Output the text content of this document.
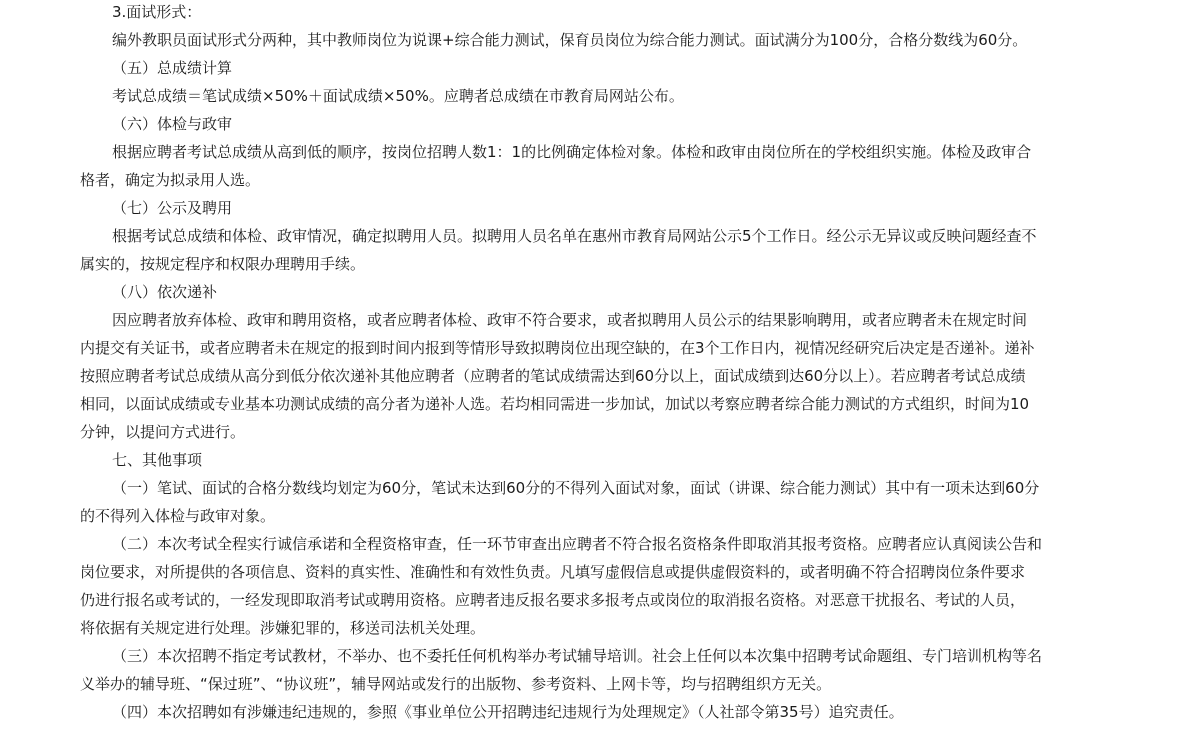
3.面试形式：
编外教职员面试形式分两种，其中教师岗位为说课+综合能力测试，保育员岗位为综合能力测试。面试满分为100分，合格分数线为60分。
（五）总成绩计算
考试总成绩＝笔试成绩×50%＋面试成绩×50%。应聘者总成绩在市教育局网站公布。
（六）体检与政审
根据应聘者考试总成绩从高到低的顺序，按岗位招聘人数1：1的比例确定体检对象。体检和政审由岗位所在的学校组织实施。体检及政审合
格者，确定为拟录用人选。
（七）公示及聘用
根据考试总成绩和体检、政审情况，确定拟聘用人员。拟聘用人员名单在惠州市教育局网站公示5个工作日。经公示无异议或反映问题经查不
属实的，按规定程序和权限办理聘用手续。
（八）依次递补
因应聘者放弃体检、政审和聘用资格，或者应聘者体检、政审不符合要求，或者拟聘用人员公示的结果影响聘用，或者应聘者未在规定时间
内提交有关证书，或者应聘者未在规定的报到时间内报到等情形导致拟聘岗位出现空缺的，在3个工作日内，视情况经研究后决定是否递补。递补
按照应聘者考试总成绩从高分到低分依次递补其他应聘者（应聘者的笔试成绩需达到60分以上，面试成绩到达60分以上）。若应聘者考试总成绩
相同，以面试成绩或专业基本功测试成绩的高分者为递补人选。若均相同需进一步加试，加试以考察应聘者综合能力测试的方式组织，时间为10
分钟，以提问方式进行。
七、其他事项
（一）笔试、面试的合格分数线均划定为60分，笔试未达到60分的不得列入面试对象，面试（讲课、综合能力测试）其中有一项未达到60分
的不得列入体检与政审对象。
（二）本次考试全程实行诚信承诺和全程资格审查，任一环节审查出应聘者不符合报名资格条件即取消其报考资格。应聘者应认真阅读公告和
岗位要求，对所提供的各项信息、资料的真实性、准确性和有效性负责。凡填写虚假信息或提供虚假资料的，或者明确不符合招聘岗位条件要求
仍进行报名或考试的，一经发现即取消考试或聘用资格。应聘者违反报名要求多报考点或岗位的取消报名资格。对恶意干扰报名、考试的人员，
将依据有关规定进行处理。涉嫌犯罪的，移送司法机关处理。
（三）本次招聘不指定考试教材，不举办、也不委托任何机构举办考试辅导培训。社会上任何以本次集中招聘考试命题组、专门培训机构等名
义举办的辅导班、“保过班”、“协议班”，辅导网站或发行的出版物、参考资料、上网卡等，均与招聘组织方无关。
（四）本次招聘如有涉嫌违纪违规的，参照《事业单位公开招聘违纪违规行为处理规定》（人社部令第35号）追究责任。
